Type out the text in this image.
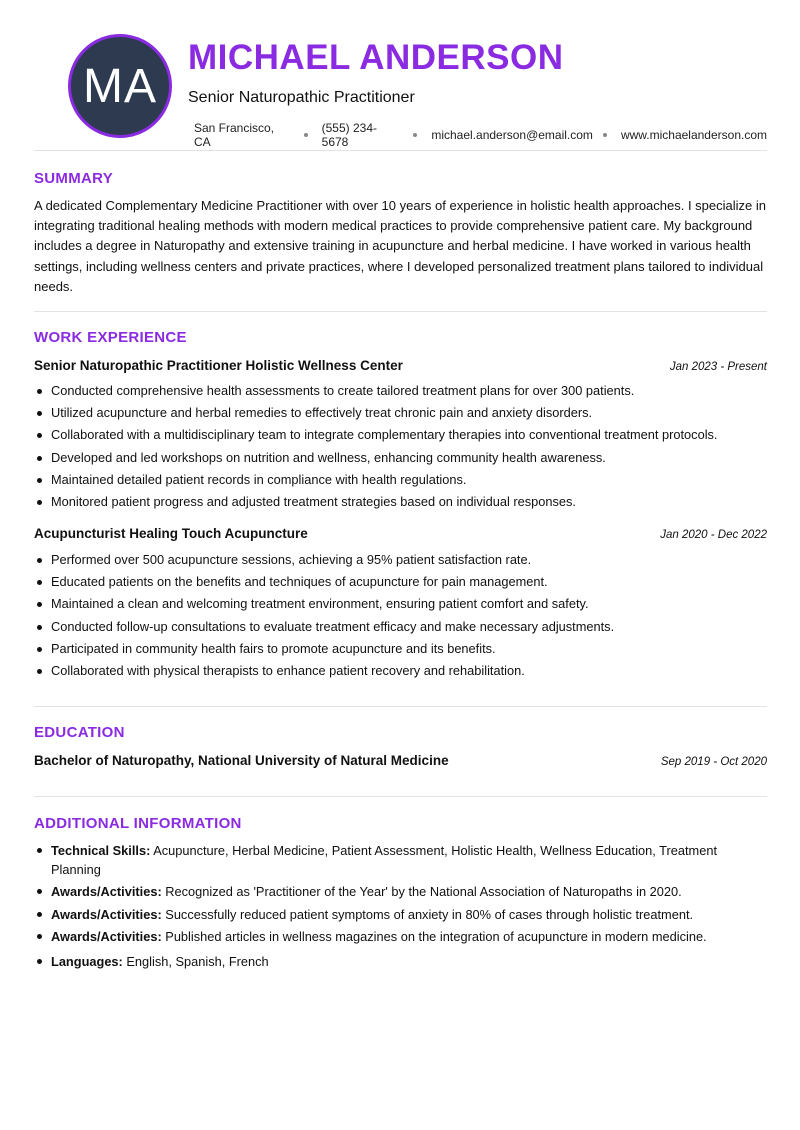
MA
MICHAEL ANDERSON
Senior Naturopathic Practitioner
San Francisco, CA
(555) 234-5678	michael.anderson@email.com www.michaelanderson.com
SUMMARY
A dedicated Complementary Medicine Practitioner with over 10 years of experience in holistic health approaches. I specialize in integrating traditional healing methods with modern medical practices to provide comprehensive patient care. My background includes a degree in Naturopathy and extensive training in acupuncture and herbal medicine. I have worked in various health settings, including wellness centers and private practices, where I developed personalized treatment plans tailored to individual needs.
WORK EXPERIENCE
Senior Naturopathic Practitioner Holistic Wellness Center	Jan 2023 - Present
Conducted comprehensive health assessments to create tailored treatment plans for over 300 patients.
Utilized acupuncture and herbal remedies to effectively treat chronic pain and anxiety disorders.
Collaborated with a multidisciplinary team to integrate complementary therapies into conventional treatment protocols.
Developed and led workshops on nutrition and wellness, enhancing community health awareness.
Maintained detailed patient records in compliance with health regulations.
Monitored patient progress and adjusted treatment strategies based on individual responses.
Acupuncturist Healing Touch Acupuncture	Jan 2020 - Dec 2022
Performed over 500 acupuncture sessions, achieving a 95% patient satisfaction rate.
Educated patients on the benefits and techniques of acupuncture for pain management.
Maintained a clean and welcoming treatment environment, ensuring patient comfort and safety.
Conducted follow-up consultations to evaluate treatment efficacy and make necessary adjustments.
Participated in community health fairs to promote acupuncture and its benefits.
Collaborated with physical therapists to enhance patient recovery and rehabilitation.
EDUCATION
Bachelor of Naturopathy, National University of Natural Medicine	Sep 2019 - Oct 2020
ADDITIONAL INFORMATION
Technical Skills: Acupuncture, Herbal Medicine, Patient Assessment, Holistic Health, Wellness Education, Treatment Planning
Awards/Activities: Recognized as 'Practitioner of the Year' by the National Association of Naturopaths in 2020.
Awards/Activities: Successfully reduced patient symptoms of anxiety in 80% of cases through holistic treatment.
Awards/Activities: Published articles in wellness magazines on the integration of acupuncture in modern medicine.
Languages: English, Spanish, French
